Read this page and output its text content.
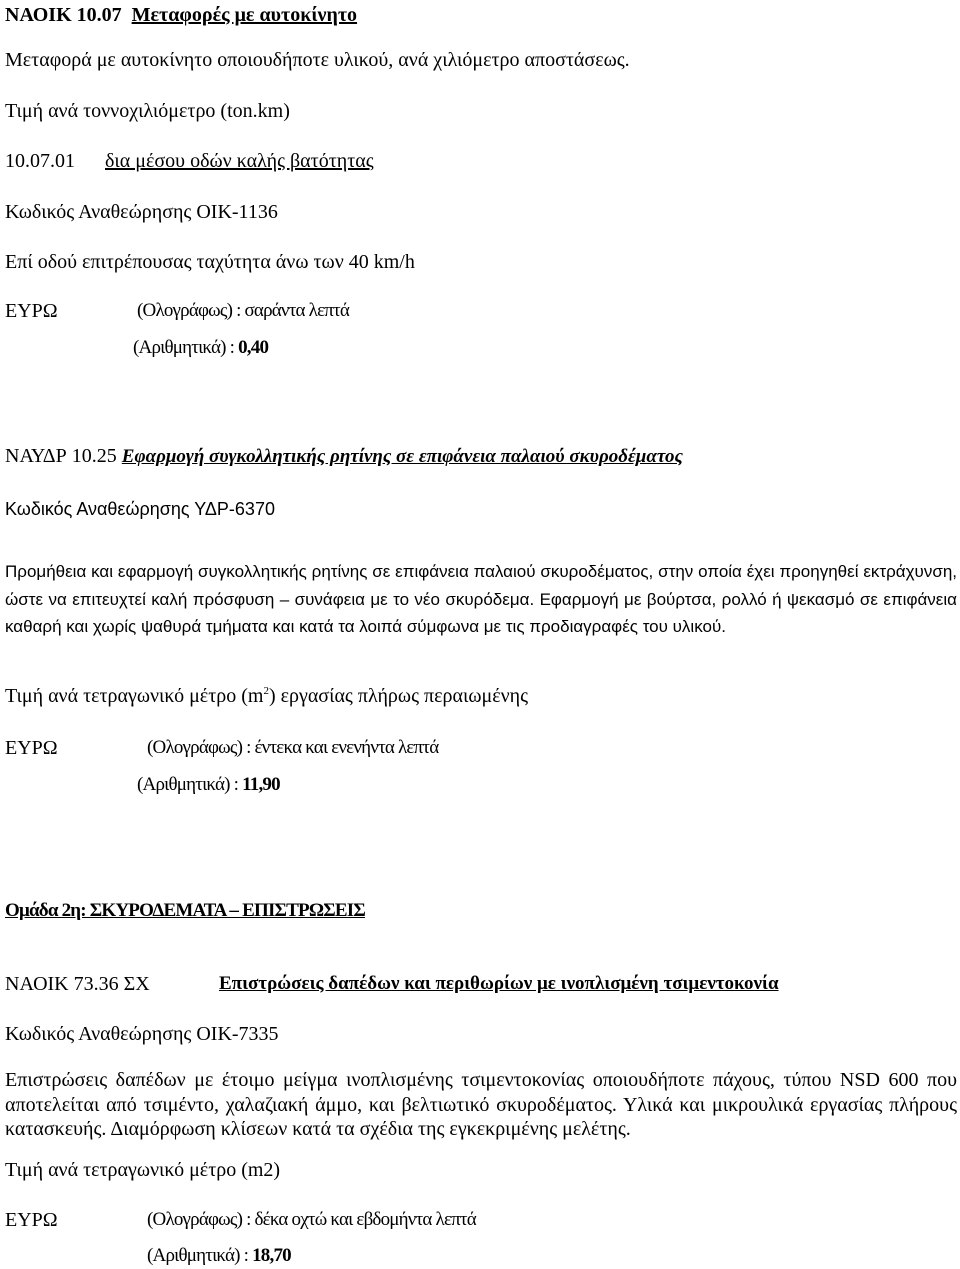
ΝΑΟΙΚ 10.07 Μεταφορές με αυτοκίνητο
Μεταφορά με αυτοκίνητο οποιουδήποτε υλικού, ανά χιλιόμετρο αποστάσεως.
Τιμή ανά τοννοχιλιόμετρο (ton.km)
10.07.01 δια μέσου οδών καλής βατότητας
Κωδικός Αναθεώρησης ΟΙΚ-1136
Επί οδού επιτρέπουσας ταχύτητα άνω των 40 km/h
ΕΥΡΩ	(Ολογράφως) : σαράντα λεπτά
(Αριθμητικά) : 0,40
ΝΑΥΔΡ 10.25 Εφαρμογή συγκολλητικής ρητίνης σε επιφάνεια παλαιού σκυροδέματος
Κωδικός Αναθεώρησης ΥΔΡ-6370
Προμήθεια και εφαρμογή συγκολλητικής ρητίνης σε επιφάνεια παλαιού σκυροδέματος, στην οποία έχει προηγηθεί εκτράχυνση, ώστε να επιτευχτεί καλή πρόσφυση – συνάφεια με το νέο σκυρόδεμα. Εφαρμογή με βούρτσα, ρολλό ή ψεκασμό σε επιφάνεια καθαρή και χωρίς ψαθυρά τμήματα και κατά τα λοιπά σύμφωνα με τις προδιαγραφές του υλικού.
Τιμή ανά τετραγωνικό μέτρο $(m^2)$ εργασίας πλήρως περαιωμένης
ΕΥΡΩ	(Ολογράφως) : έντεκα και ενενήντα λεπτά
(Αριθμητικά) : 11,90
Ομάδα 2η: ΣΚΥΡΟΔΕΜΑΤΑ – ΕΠΙΣΤΡΩΣΕΙΣ
ΝΑΟΙΚ 73.36 ΣΧ	Επιστρώσεις δαπέδων και περιθωρίων με ινοπλισμένη τσιμεντοκονία
Κωδικός Αναθεώρησης ΟΙΚ-7335
Επιστρώσεις δαπέδων με έτοιμο μείγμα ινοπλισμένης τσιμεντοκονίας οποιουδήποτε πάχους, τύπου NSD 600 που αποτελείται από τσιμέντο, χαλαζιακή άμμο, και βελτιωτικό σκυροδέματος. Υλικά και μικρουλικά εργασίας πλήρους κατασκευής. Διαμόρφωση κλίσεων κατά τα σχέδια της εγκεκριμένης μελέτης.
Τιμή ανά τετραγωνικό μέτρο (m2)
ΕΥΡΩ	(Ολογράφως) : δέκα οχτώ και εβδομήντα λεπτά
(Αριθμητικά) : 18,70
